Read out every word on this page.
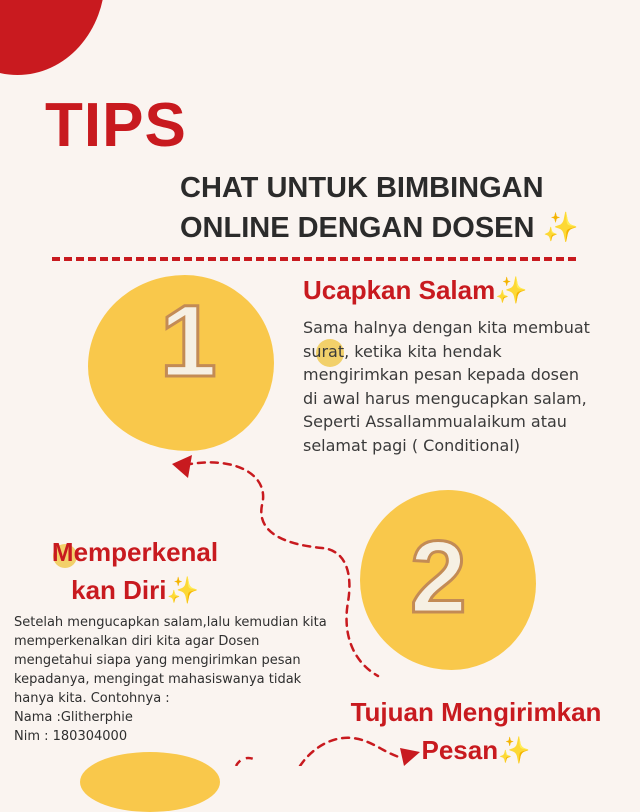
TIPS
CHAT UNTUK BIMBINGAN
ONLINE DENGAN DOSEN ✨
1
2
Ucapkan Salam✨
Sama halnya dengan kita membuat surat, ketika kita hendak mengirimkan pesan kepada dosen di awal harus mengucapkan salam, Seperti Assallammualaikum atau selamat pagi ( Conditional)
Memperkenal
kan Diri✨
Setelah mengucapkan salam,lalu kemudian kita memperkenalkan diri kita agar Dosen mengetahui siapa yang mengirimkan pesan kepadanya, mengingat mahasiswanya tidak hanya kita. Contohnya :
Nama :Glitherphie
Nim : 180304000
Tujuan Mengirimkan
Pesan✨
